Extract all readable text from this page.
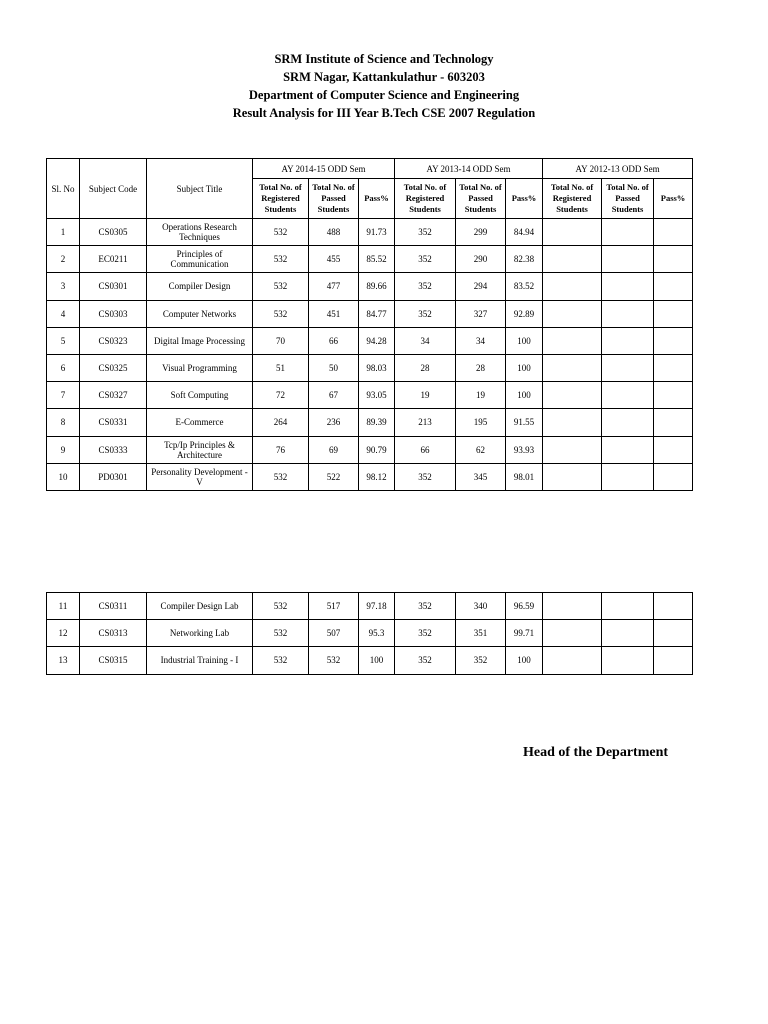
SRM Institute of Science and Technology
SRM Nagar, Kattankulathur - 603203
Department of Computer Science and Engineering
Result Analysis for III Year B.Tech CSE 2007 Regulation
Sl. No	Subject Code	Subject Title	AY 2014-15 ODD Sem			AY 2013-14 ODD Sem			AY 2012-13 ODD Sem		
			Total No. of Registered Students	Total No. of Passed Students	Pass%	Total No. of Registered Students	Total No. of Passed Students	Pass%	Total No. of Registered Students	Total No. of Passed Students	Pass%
1	CS0305	Operations Research Techniques	532	488	91.73	352	299	84.94			
2	EC0211	Principles of Communication	532	455	85.52	352	290	82.38			
3	CS0301	Compiler Design	532	477	89.66	352	294	83.52			
4	CS0303	Computer Networks	532	451	84.77	352	327	92.89			
5	CS0323	Digital Image Processing	70	66	94.28	34	34	100			
6	CS0325	Visual Programming	51	50	98.03	28	28	100			
7	CS0327	Soft Computing	72	67	93.05	19	19	100			
8	CS0331	E-Commerce	264	236	89.39	213	195	91.55			
9	CS0333	Tcp/Ip Principles & Architecture	76	69	90.79	66	62	93.93			
10	PD0301	Personality Development - V	532	522	98.12	352	345	98.01			
11	CS0311	Compiler Design Lab	532	517	97.18	352	340	96.59			
12	CS0313	Networking Lab	532	507	95.3	352	351	99.71			
13	CS0315	Industrial Training - I	532	532	100	352	352	100			
Head of the Department
